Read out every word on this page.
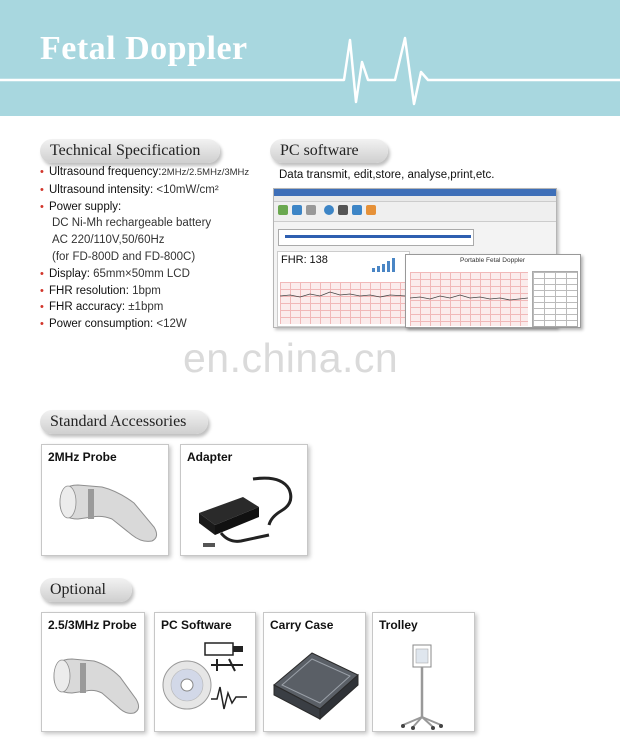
Fetal Doppler
Technical Specification
• Ultrasound frequency:2MHz/2.5MHz/3MHz
• Ultrasound intensity: <10mW/cm²
• Power supply:
DC Ni-Mh rechargeable battery
AC 220/110V,50/60Hz
(for FD-800D and FD-800C)
• Display: 65mm×50mm LCD
• FHR resolution: 1bpm
• FHR accuracy: ±1bpm
• Power consumption: <12W
PC software
Data transmit, edit,store, analyse,print,etc.
FHR: 138	Portable Fetal Doppler
en.china.cn
Standard Accessories
2MHz Probe	Adapter
Optional
2.5/3MHz Probe PC Software	Carry Case	Trolley
